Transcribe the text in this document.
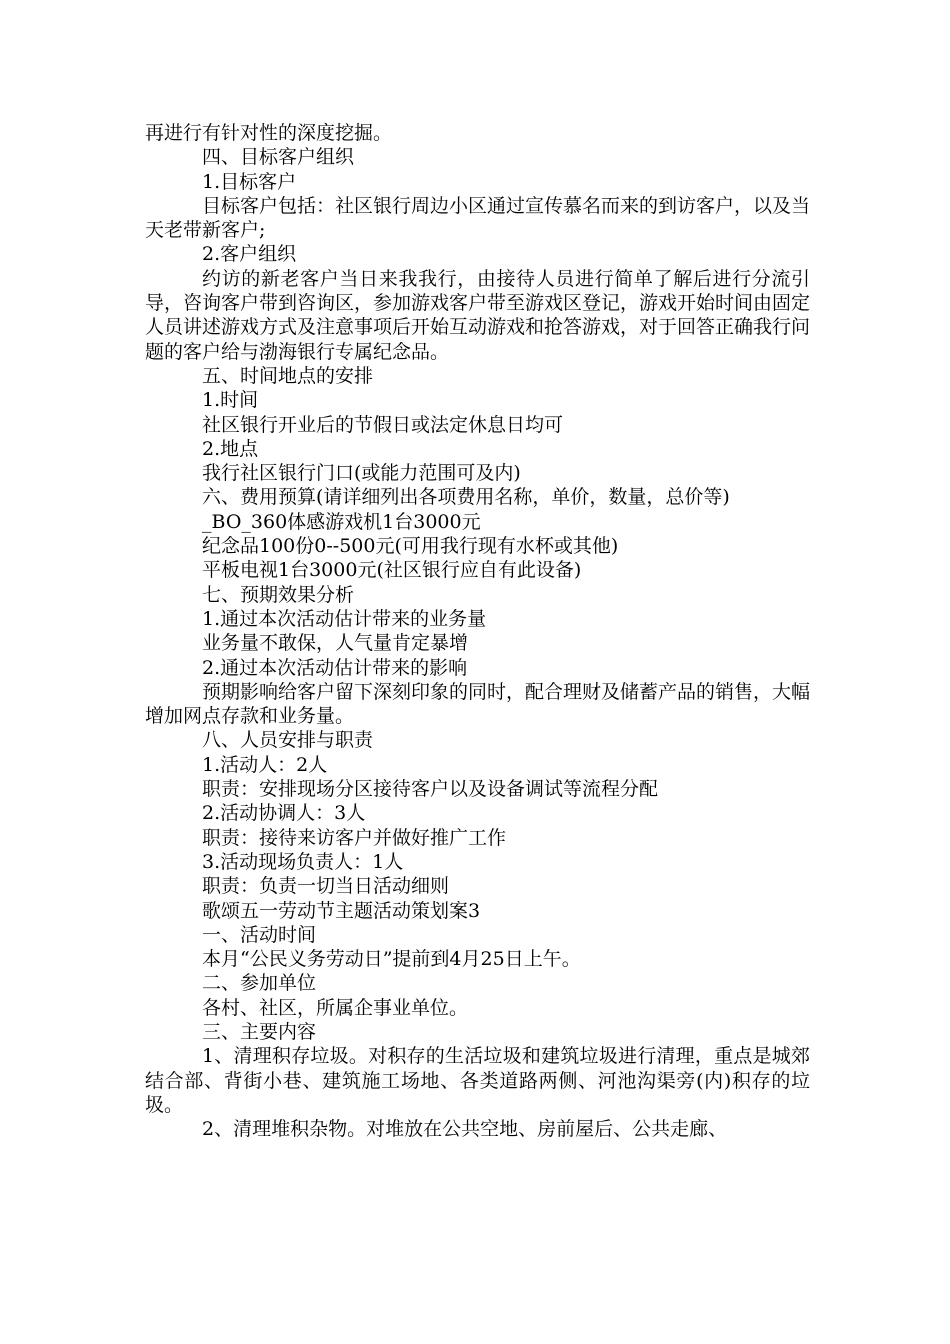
再进行有针对性的深度挖掘。

四、目标客户组织

1.目标客户

目标客户包括：社区银行周边小区通过宣传慕名而来的到访客户，以及当天老带新客户;

2.客户组织

约访的新老客户当日来我我行，由接待人员进行简单了解后进行分流引导，咨询客户带到咨询区，参加游戏客户带至游戏区登记，游戏开始时间由固定人员讲述游戏方式及注意事项后开始互动游戏和抢答游戏，对于回答正确我行问题的客户给与渤海银行专属纪念品。

五、时间地点的安排

1.时间

社区银行开业后的节假日或法定休息日均可

2.地点

我行社区银行门口(或能力范围可及内)

六、费用预算(请详细列出各项费用名称，单价，数量，总价等)

_BO_360体感游戏机1台3000元

纪念品100份0--500元(可用我行现有水杯或其他)

平板电视1台3000元(社区银行应自有此设备)

七、预期效果分析

1.通过本次活动估计带来的业务量

业务量不敢保，人气量肯定暴增

2.通过本次活动估计带来的影响

预期影响给客户留下深刻印象的同时，配合理财及储蓄产品的销售，大幅增加网点存款和业务量。

八、人员安排与职责

1.活动人：2人

职责：安排现场分区接待客户以及设备调试等流程分配

2.活动协调人：3人

职责：接待来访客户并做好推广工作

3.活动现场负责人：1人

职责：负责一切当日活动细则

歌颂五一劳动节主题活动策划案3

一、活动时间

本月“公民义务劳动日”提前到4月25日上午。

二、参加单位

各村、社区，所属企事业单位。

三、主要内容

1、清理积存垃圾。对积存的生活垃圾和建筑垃圾进行清理，重点是城郊结合部、背街小巷、建筑施工场地、各类道路两侧、河池沟渠旁(内)积存的垃圾。

2、清理堆积杂物。对堆放在公共空地、房前屋后、公共走廊、
